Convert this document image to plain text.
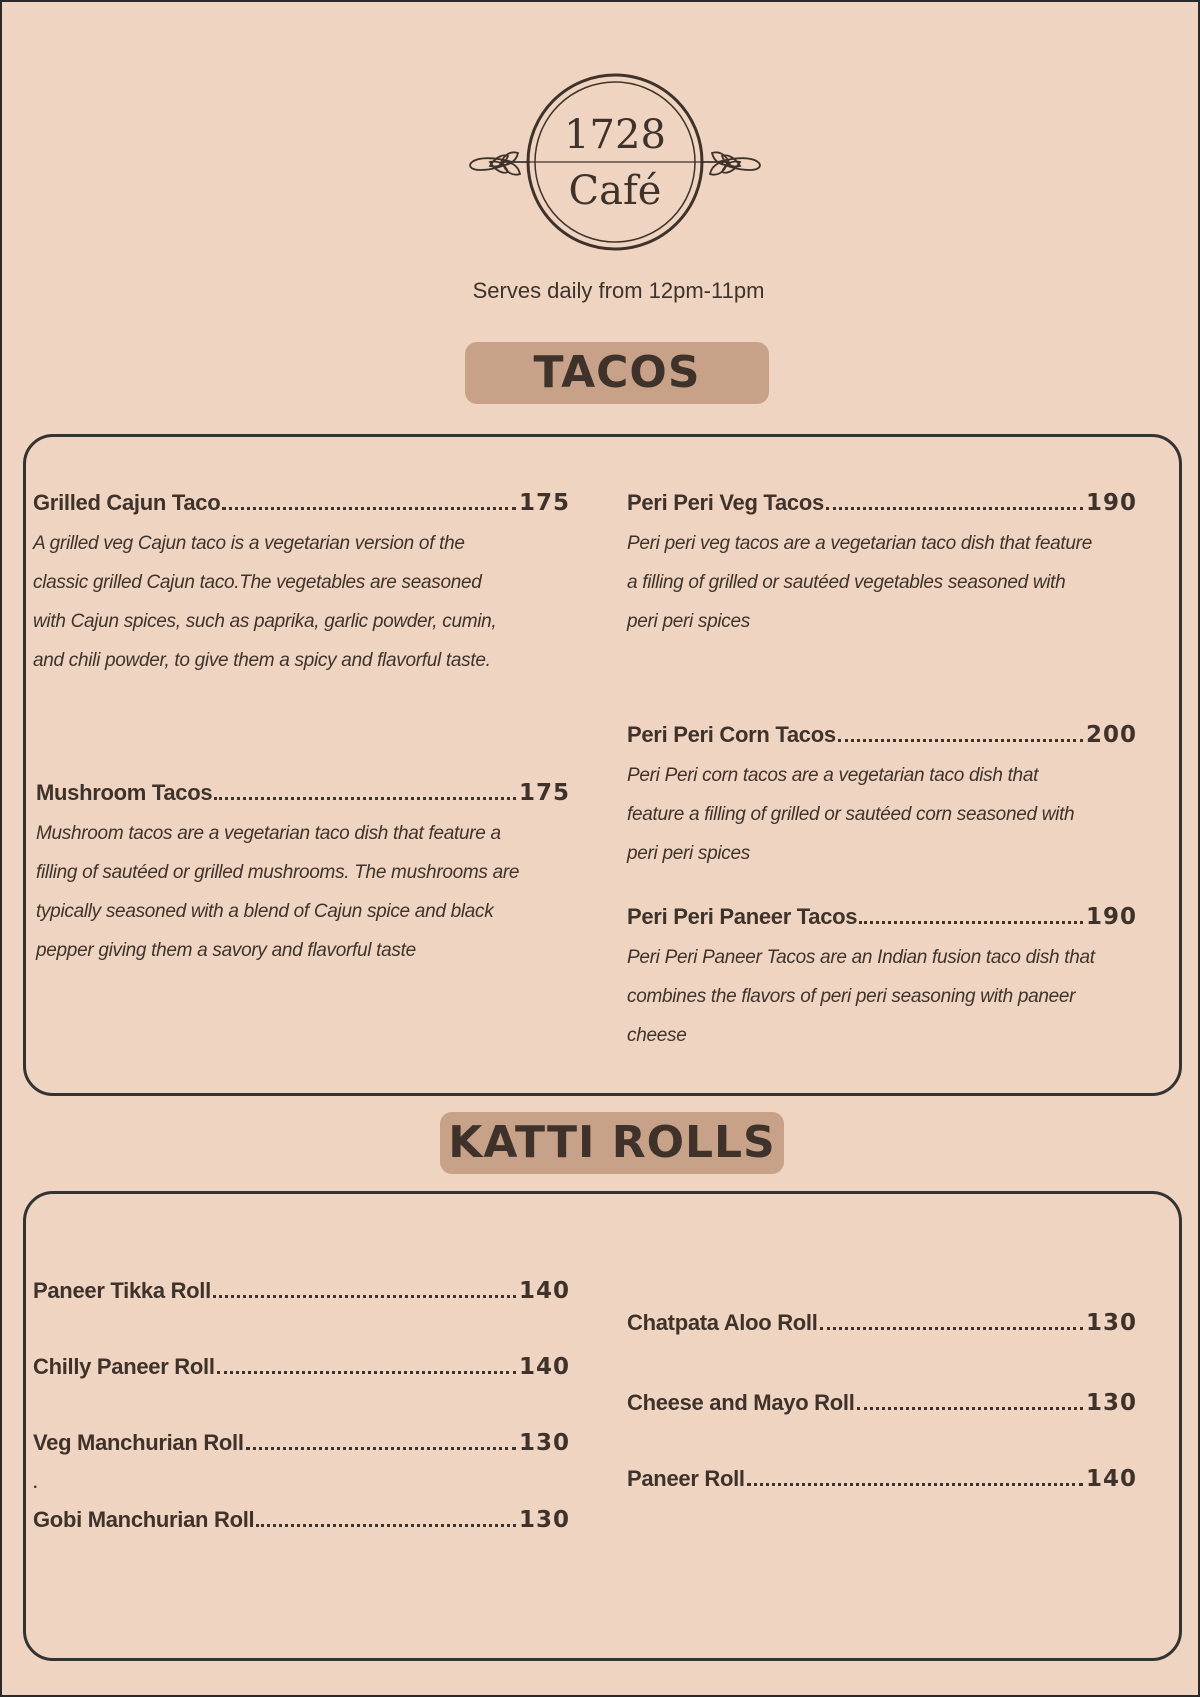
1728
Café
Serves daily from 12pm-11pm
TACOS
Grilled Cajun Taco	175
A grilled veg Cajun taco is a vegetarian version of the classic grilled Cajun taco.The vegetables are seasoned with Cajun spices, such as paprika, garlic powder, cumin, and chili powder, to give them a spicy and flavorful taste.
Mushroom Tacos	175
Mushroom tacos are a vegetarian taco dish that feature a filling of sautéed or grilled mushrooms. The mushrooms are typically seasoned with a blend of Cajun spice and black pepper giving them a savory and flavorful taste
Peri Peri Veg Tacos	190
Peri peri veg tacos are a vegetarian taco dish that feature a filling of grilled or sautéed vegetables seasoned with peri peri spices
Peri Peri Corn Tacos	200
Peri Peri corn tacos are a vegetarian taco dish that feature a filling of grilled or sautéed corn seasoned with peri peri spices
Peri Peri Paneer Tacos	190
Peri Peri Paneer Tacos are an Indian fusion taco dish that combines the flavors of peri peri seasoning with paneer cheese
KATTI ROLLS
Paneer Tikka Roll	140
Chilly Paneer Roll	140
Veg Manchurian Roll	130
.
Gobi Manchurian Roll	130
Chatpata Aloo Roll	130
Cheese and Mayo Roll	130
Paneer Roll	140
